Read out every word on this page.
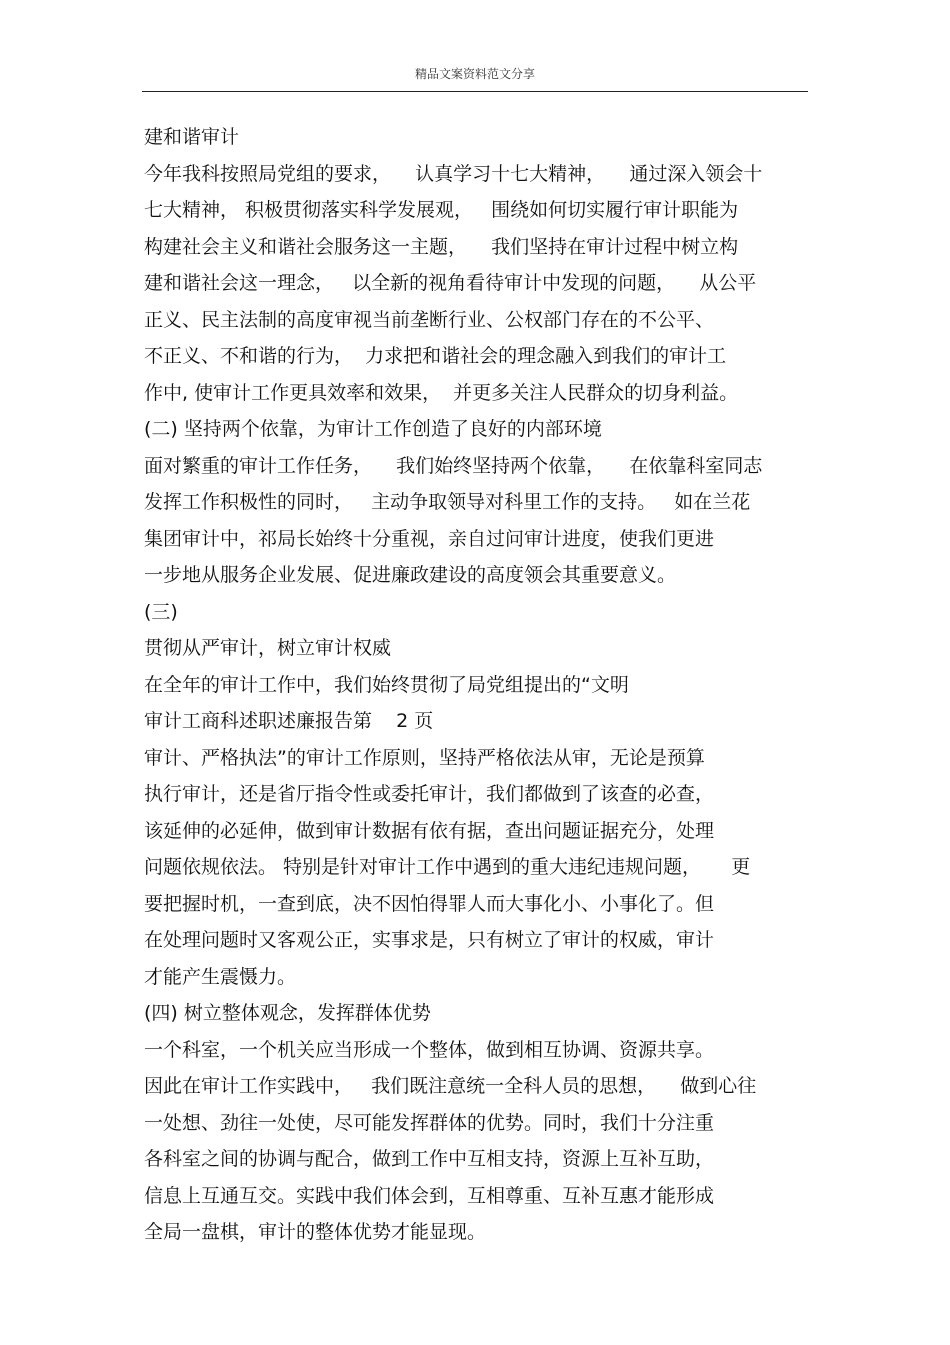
精品文案资料范文分享
建和谐审计
今年我科按照局党组的要求，    认真学习十七大精神，    通过深入领会十
七大精神， 积极贯彻落实科学发展观，   围绕如何切实履行审计职能为
构建社会主义和谐社会服务这一主题，    我们坚持在审计过程中树立构
建和谐社会这一理念，   以全新的视角看待审计中发现的问题，    从公平
正义、民主法制的高度审视当前垄断行业、公权部门存在的不公平、
不正义、不和谐的行为，  力求把和谐社会的理念融入到我们的审计工
作中, 使审计工作更具效率和效果，  并更多关注人民群众的切身利益。
(二) 坚持两个依靠，为审计工作创造了良好的内部环境
面对繁重的审计工作任务，    我们始终坚持两个依靠，    在依靠科室同志
发挥工作积极性的同时，   主动争取领导对科里工作的支持。   如在兰花
集团审计中，祁局长始终十分重视，亲自过问审计进度，使我们更进
一步地从服务企业发展、促进廉政建设的高度领会其重要意义。
(三)
贯彻从严审计，树立审计权威
在全年的审计工作中，我们始终贯彻了局党组提出的“文明
审计工商科述职述廉报告第    2 页
审计、严格执法”的审计工作原则，坚持严格依法从审，无论是预算
执行审计，还是省厅指令性或委托审计，我们都做到了该查的必查，
该延伸的必延伸，做到审计数据有依有据，查出问题证据充分，处理
问题依规依法。 特别是针对审计工作中遇到的重大违纪违规问题，     更
要把握时机，一查到底，决不因怕得罪人而大事化小、小事化了。但
在处理问题时又客观公正，实事求是，只有树立了审计的权威，审计
才能产生震慑力。
(四) 树立整体观念，发挥群体优势
一个科室，一个机关应当形成一个整体，做到相互协调、资源共享。
因此在审计工作实践中，   我们既注意统一全科人员的思想，    做到心往
一处想、劲往一处使，尽可能发挥群体的优势。同时，我们十分注重
各科室之间的协调与配合，做到工作中互相支持，资源上互补互助，
信息上互通互交。实践中我们体会到，互相尊重、互补互惠才能形成
全局一盘棋，审计的整体优势才能显现。
